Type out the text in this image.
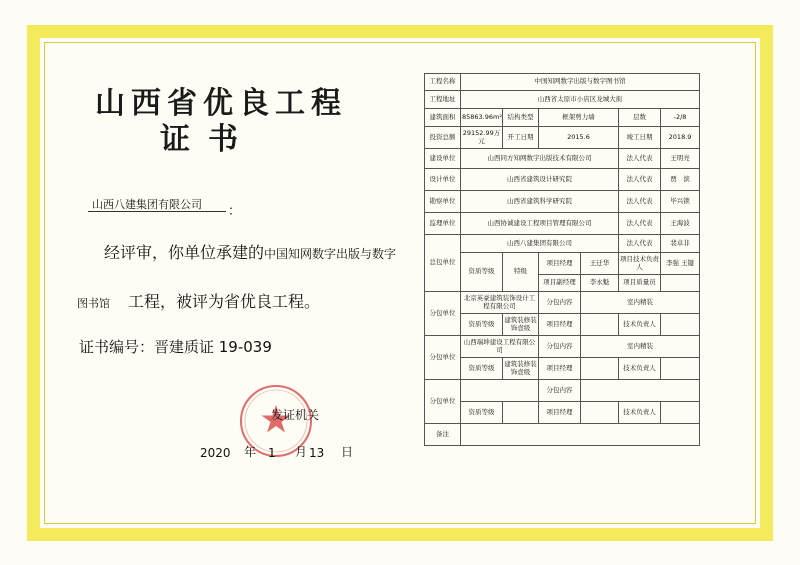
山西省优良工程
证书
山西八建集团有限公司 ：
经评审，你单位承建的中国知网数字出版与数字
图书馆 工程，被评为省优良工程。
证书编号：晋建质证 19-039
发证机关
2020 年 1 月 13 日
工程名称	中国知网数字出版与数字图书馆					
工程地址	山西省太原市小店区龙城大街					
建筑面积	85863.96m²	结构类型	框架剪力墙		层数	-2/8
投资总额	29152.99万元	开工日期	2015.6		竣工日期	2018.9
建设单位	山西同方知网数字出版技术有限公司				法人代表	王明亮
设计单位	山西省建筑设计研究院				法人代表	贾　滨
勘察单位	山西省建筑科学研究院				法人代表	毕兴锁
监理单位	山西协诚建设工程项目管理有限公司				法人代表	王海波
总包单位	山西八建集团有限公司				法人代表	裴卓非
	资质等级	特级	项目经理	王迁华	项目技术负责人	李强 王键
			项目副经理	李永魁	项目质量员	
分包单位	北京英豪建筑装饰设计工程有限公司		分包内容	室内精装		
	资质等级	建筑装修装饰壹级	项目经理		技术负责人	
分包单位	山西瑞坤建设工程有限公司		分包内容	室内精装		
	资质等级	建筑装修装饰壹级	项目经理		技术负责人	
分包单位			分包内容			
	资质等级		项目经理		技术负责人	
备注						
